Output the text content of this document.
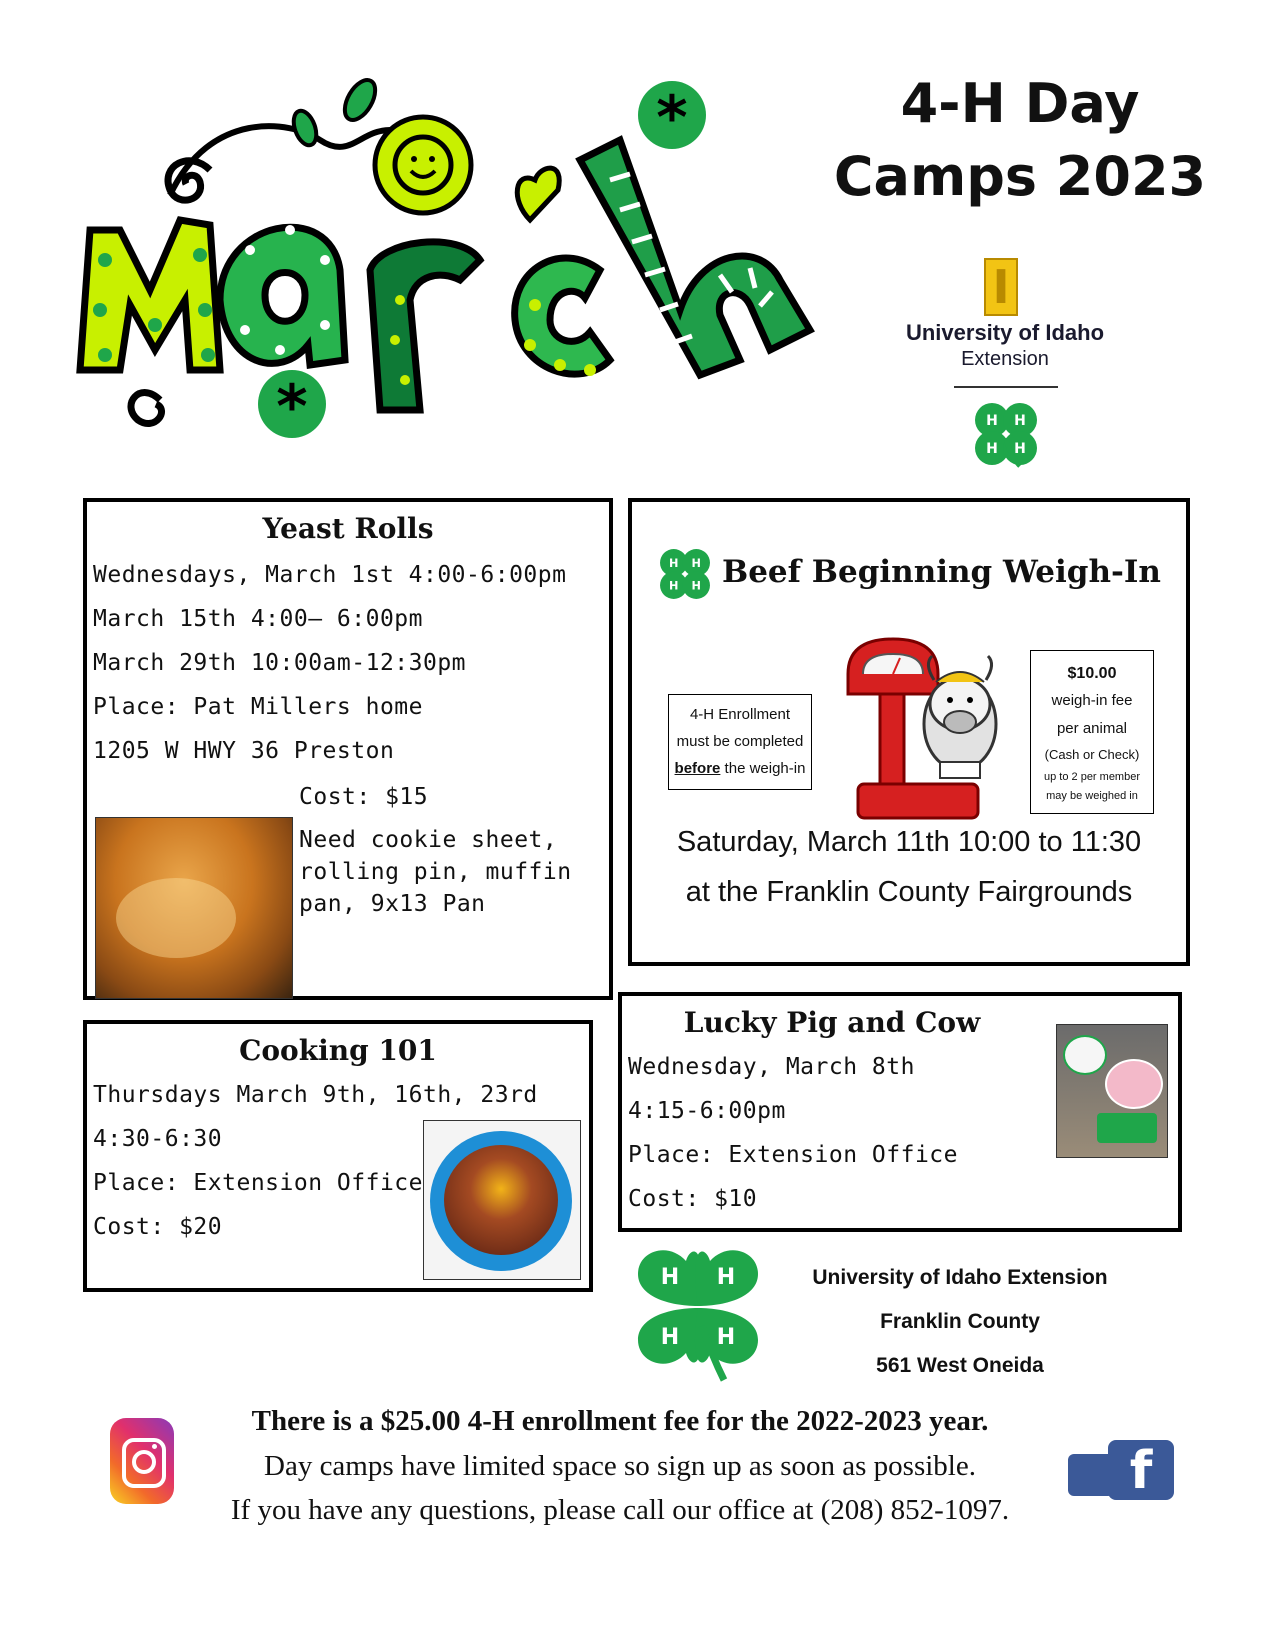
*
*
4-H Day
Camps 2023
I
University of Idaho
Extension
H H
H H
Yeast Rolls
Wednesdays, March 1st 4:00-6:00pm
March 15th 4:00– 6:00pm
March 29th 10:00am-12:30pm
Place: Pat Millers home
1205 W HWY 36 Preston
Cost: $15
Need cookie sheet, rolling pin, muffin pan, 9x13 Pan
H H
H H Beef Beginning Weigh-In
4-H Enrollment
must be completed
before the weigh-in
$10.00
weigh-in fee
per animal
(Cash or Check)
up to 2 per member
may be weighed in
Saturday, March 11th 10:00 to 11:30
at the Franklin County Fairgrounds
Cooking 101
Thursdays March 9th, 16th, 23rd
4:30-6:30
Place: Extension Office
Cost: $20
Lucky Pig and Cow
Wednesday, March 8th
4:15-6:00pm
Place: Extension Office
Cost: $10
H H
H H
University of Idaho Extension
Franklin County
561 West Oneida
There is a $25.00 4-H enrollment fee for the 2022-2023 year.
Day camps have limited space so sign up as soon as possible.
If you have any questions, please call our office at (208) 852-1097.
f
